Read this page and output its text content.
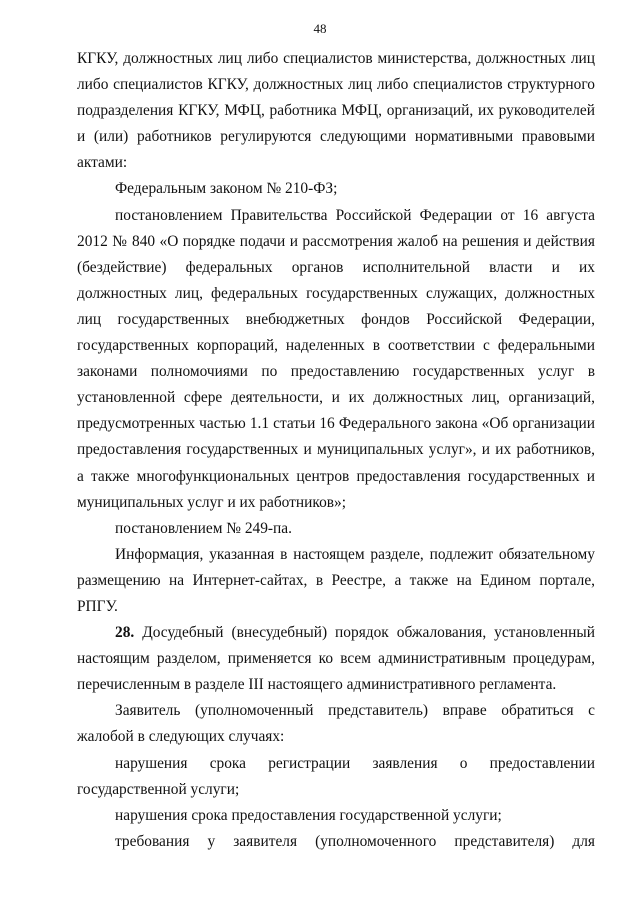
48

КГКУ, должностных лиц либо специалистов министерства, должностных лиц либо специалистов КГКУ, должностных лиц либо специалистов структурного подразделения КГКУ, МФЦ, работника МФЦ, организаций, их руководителей и (или) работников регулируются следующими нормативными правовыми актами:

Федеральным законом № 210-ФЗ;

постановлением Правительства Российской Федерации от 16 августа 2012 № 840 «О порядке подачи и рассмотрения жалоб на решения и действия (бездействие) федеральных органов исполнительной власти и их должностных лиц, федеральных государственных служащих, должностных лиц государственных внебюджетных фондов Российской Федерации, государственных корпораций, наделенных в соответствии с федеральными законами полномочиями по предоставлению государственных услуг в установленной сфере деятельности, и их должностных лиц, организаций, предусмотренных частью 1.1 статьи 16 Федерального закона «Об организации предоставления государственных и муниципальных услуг», и их работников, а также многофункциональных центров предоставления государственных и муниципальных услуг и их работников»;

постановлением № 249-па.

Информация, указанная в настоящем разделе, подлежит обязательному размещению на Интернет-сайтах, в Реестре, а также на Едином портале, РПГУ.

28. Досудебный (внесудебный) порядок обжалования, установленный настоящим разделом, применяется ко всем административным процедурам, перечисленным в разделе III настоящего административного регламента.

Заявитель (уполномоченный представитель) вправе обратиться с жалобой в следующих случаях:

нарушения срока регистрации заявления о предоставлении государственной услуги;

нарушения срока предоставления государственной услуги;

требования у заявителя (уполномоченного представителя) для
